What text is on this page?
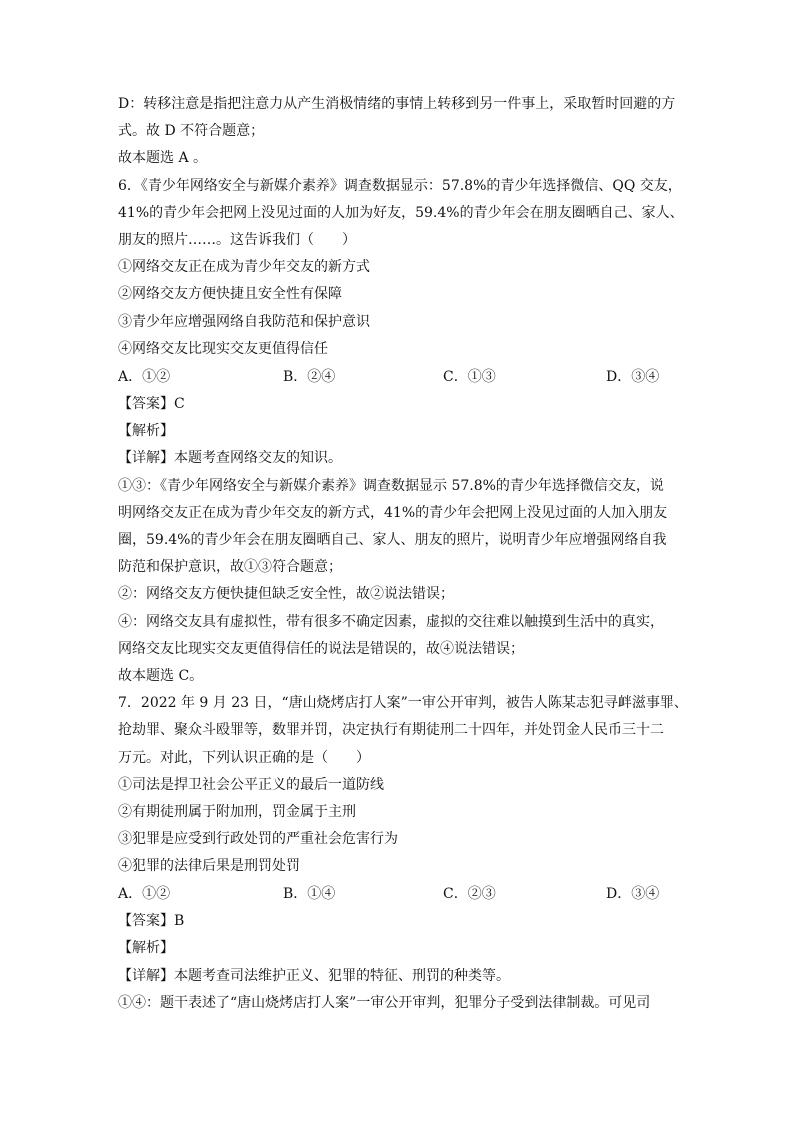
D：转移注意是指把注意力从产生消极情绪的事情上转移到另一件事上，采取暂时回避的方
式。故 D 不符合题意；
故本题选 A 。
6．《青少年网络安全与新媒介素养》调查数据显示：57.8%的青少年选择微信、QQ 交友，
41%的青少年会把网上没见过面的人加为好友，59.4%的青少年会在朋友圈晒自己、家人、
朋友的照片……。这告诉我们（　　）
①网络交友正在成为青少年交友的新方式
②网络交友方便快捷且安全性有保障
③青少年应增强网络自我防范和保护意识
④网络交友比现实交友更值得信任
A．①②	B．②④	C．①③	D．③④
【答案】C
【解析】
【详解】本题考查网络交友的知识。
①③：《青少年网络安全与新媒介素养》调查数据显示 57.8%的青少年选择微信交友，说
明网络交友正在成为青少年交友的新方式，41%的青少年会把网上没见过面的人加入朋友
圈，59.4%的青少年会在朋友圈晒自己、家人、朋友的照片，说明青少年应增强网络自我
防范和保护意识，故①③符合题意；
②：网络交友方便快捷但缺乏安全性，故②说法错误；
④：网络交友具有虚拟性，带有很多不确定因素，虚拟的交往难以触摸到生活中的真实，
网络交友比现实交友更值得信任的说法是错误的，故④说法错误；
故本题选 C。
7．2022 年 9 月 23 日，“唐山烧烤店打人案”一审公开审判，被告人陈某志犯寻衅滋事罪、
抢劫罪、聚众斗殴罪等，数罪并罚，决定执行有期徒刑二十四年，并处罚金人民币三十二
万元。对此，下列认识正确的是（　　）
①司法是捍卫社会公平正义的最后一道防线
②有期徒刑属于附加刑，罚金属于主刑
③犯罪是应受到行政处罚的严重社会危害行为
④犯罪的法律后果是刑罚处罚
A．①②	B．①④	C．②③	D．③④
【答案】B
【解析】
【详解】本题考查司法维护正义、犯罪的特征、刑罚的种类等。
①④：题干表述了“唐山烧烤店打人案”一审公开审判，犯罪分子受到法律制裁。可见司
